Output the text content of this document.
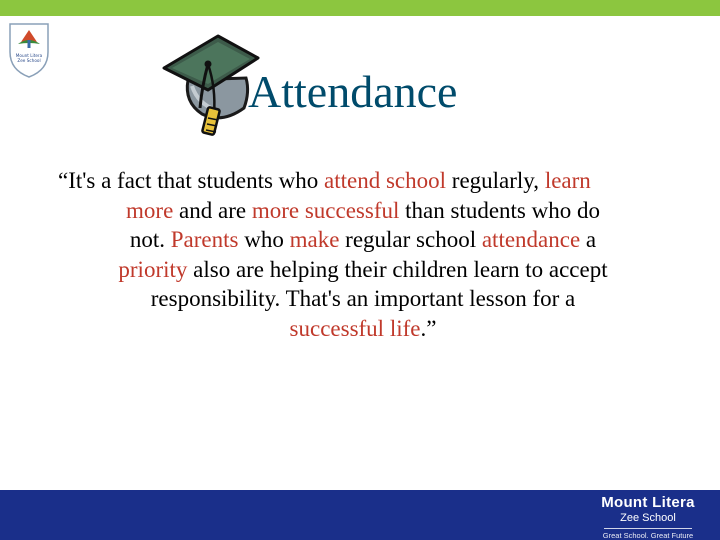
Mount Litera
Zee School
Attendance
“It's a fact that students who attend school regularly, learn
more and are more successful than students who do
not. Parents who make regular school attendance a
priority also are helping their children learn to accept
responsibility. That's an important lesson for a
successful life.”
Mount Litera
Zee School
Great School. Great Future
